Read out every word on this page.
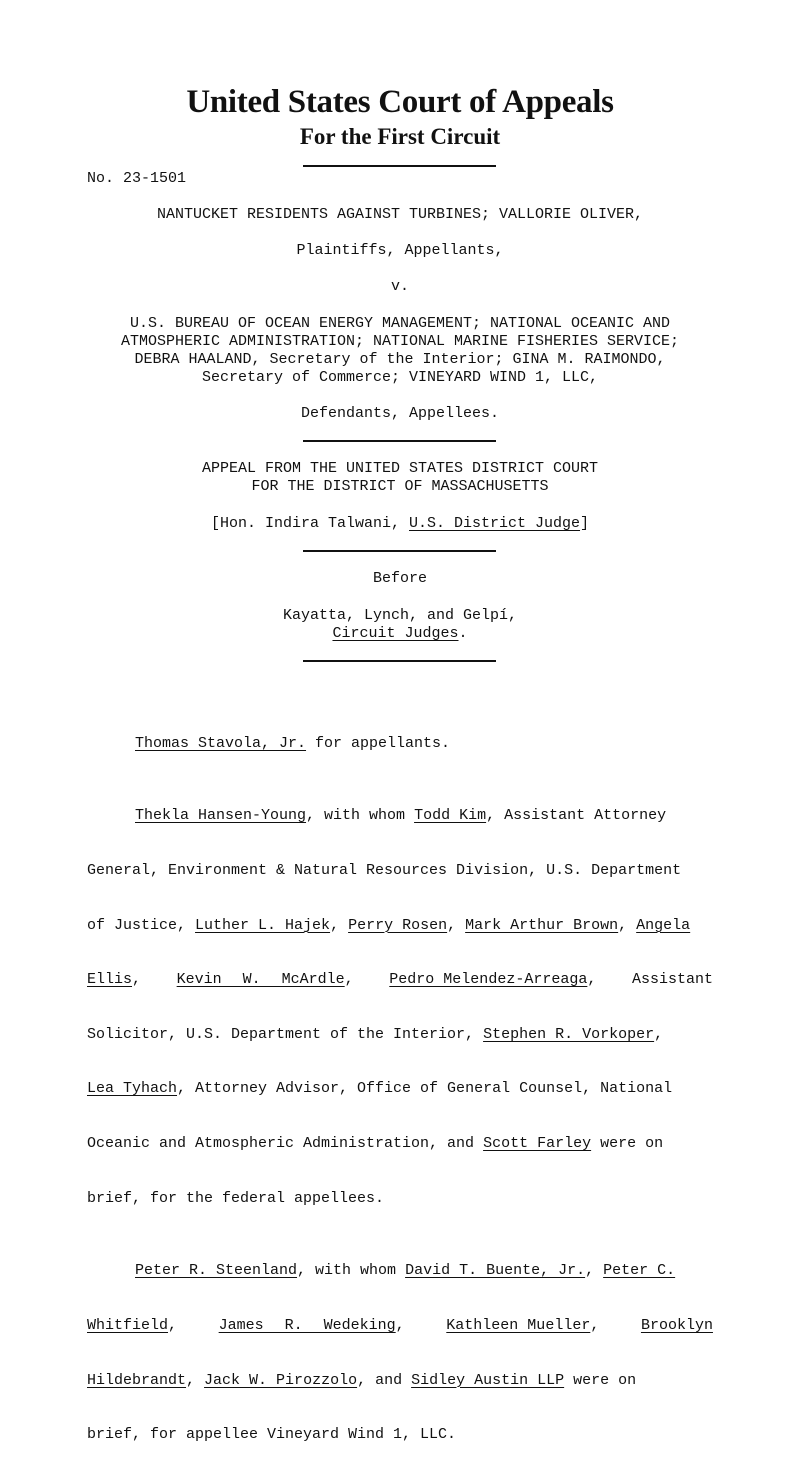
United States Court of Appeals
For the First Circuit
No. 23-1501
NANTUCKET RESIDENTS AGAINST TURBINES; VALLORIE OLIVER,
Plaintiffs, Appellants,
v.
U.S. BUREAU OF OCEAN ENERGY MANAGEMENT; NATIONAL OCEANIC AND
ATMOSPHERIC ADMINISTRATION; NATIONAL MARINE FISHERIES SERVICE;
DEBRA HAALAND, Secretary of the Interior; GINA M. RAIMONDO,
Secretary of Commerce; VINEYARD WIND 1, LLC,
Defendants, Appellees.
APPEAL FROM THE UNITED STATES DISTRICT COURT
FOR THE DISTRICT OF MASSACHUSETTS
[Hon. Indira Talwani, U.S. District Judge]
Before
Kayatta, Lynch, and Gelpí,
Circuit Judges.

Thomas Stavola, Jr. for appellants.

Thekla Hansen-Young, with whom Todd Kim, Assistant Attorney

General, Environment & Natural Resources Division, U.S. Department

of Justice, Luther L. Hajek, Perry Rosen, Mark Arthur Brown, Angela

Ellis, Kevin W. McArdle, Pedro Melendez-Arreaga, Assistant

Solicitor, U.S. Department of the Interior, Stephen R. Vorkoper,

Lea Tyhach, Attorney Advisor, Office of General Counsel, National

Oceanic and Atmospheric Administration, and Scott Farley were on

brief, for the federal appellees.

Peter R. Steenland, with whom David T. Buente, Jr., Peter C.

Whitfield,	James R. Wedeking,	Kathleen Mueller,	Brooklyn

Hildebrandt, Jack W. Pirozzolo, and Sidley Austin LLP were on

brief, for appellee Vineyard Wind 1, LLC.
